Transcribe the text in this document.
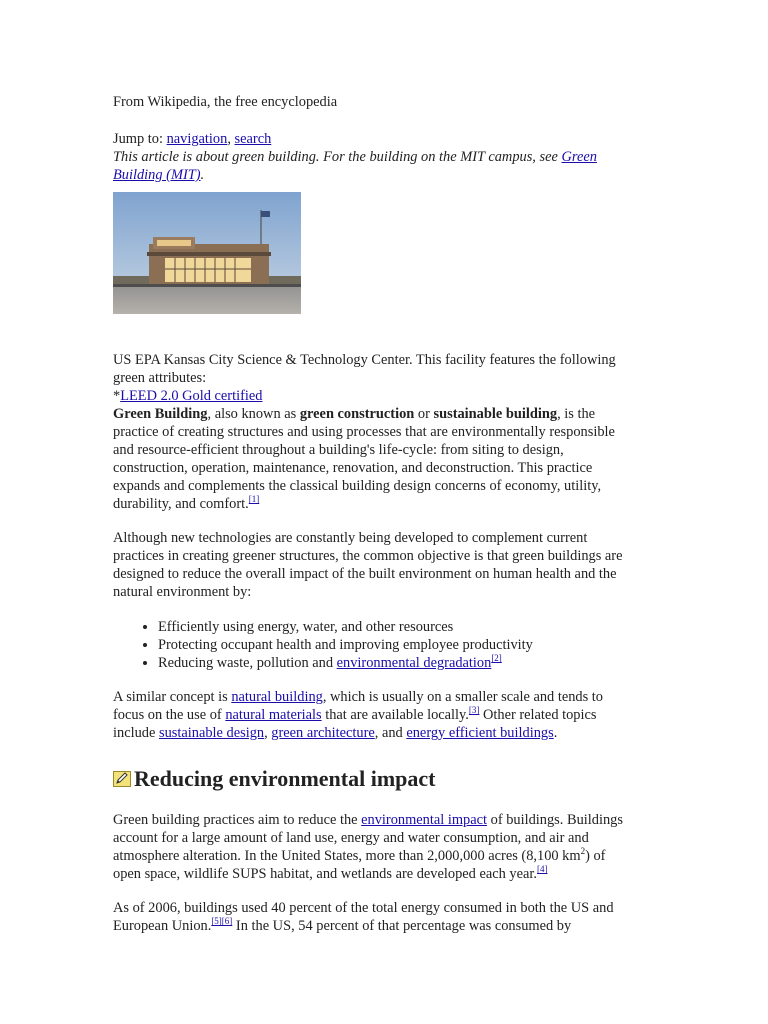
From Wikipedia, the free encyclopedia

Jump to: navigation, search

This article is about green building. For the building on the MIT campus, see Green Building (MIT).

US EPA Kansas City Science & Technology Center. This facility features the following green attributes:
*LEED 2.0 Gold certified

Green Building, also known as green construction or sustainable building, is the practice of creating structures and using processes that are environmentally responsible and resource-efficient throughout a building's life-cycle: from siting to design, construction, operation, maintenance, renovation, and deconstruction. This practice expands and complements the classical building design concerns of economy, utility, durability, and comfort.[1]

Although new technologies are constantly being developed to complement current practices in creating greener structures, the common objective is that green buildings are designed to reduce the overall impact of the built environment on human health and the natural environment by:

• Efficiently using energy, water, and other resources
• Protecting occupant health and improving employee productivity
• Reducing waste, pollution and environmental degradation[2]

A similar concept is natural building, which is usually on a smaller scale and tends to focus on the use of natural materials that are available locally.[3] Other related topics include sustainable design, green architecture, and energy efficient buildings.

Reducing environmental impact

Green building practices aim to reduce the environmental impact of buildings. Buildings account for a large amount of land use, energy and water consumption, and air and atmosphere alteration. In the United States, more than 2,000,000 acres (8,100 $km^2$) of open space, wildlife SUPS habitat, and wetlands are developed each year.[4]

As of 2006, buildings used 40 percent of the total energy consumed in both the US and European Union.[5][6] In the US, 54 percent of that percentage was consumed by
